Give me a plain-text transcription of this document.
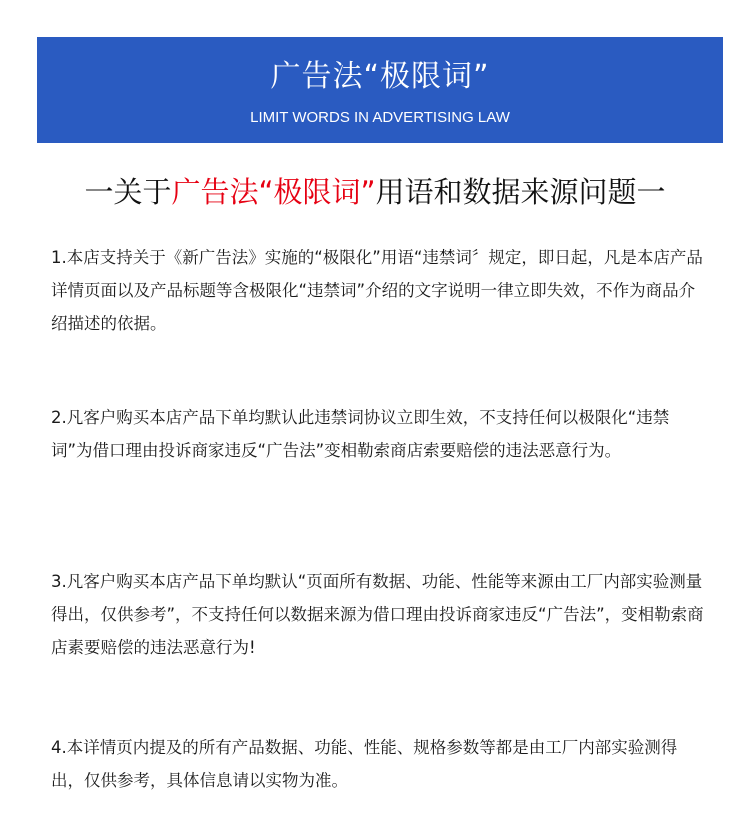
广告法“极限词”
LIMIT WORDS IN ADVERTISING LAW
一关于广告法“极限词”用语和数据来源问题一

1.本店支持关于《新广告法》实施的“极限化”用语“违禁词〞规定，即日起，凡是本店产品详情页面以及产品标题等含极限化“违禁词”介绍的文字说明一律立即失效，不作为商品介绍描述的依据。

2.凡客户购买本店产品下单均默认此违禁词协议立即生效，不支持任何以极限化“违禁词”为借口理由投诉商家违反“广告法”变相勒索商店索要赔偿的违法恶意行为。

3.凡客户购买本店产品下单均默认“页面所有数据、功能、性能等来源由工厂内部实验测量得出，仅供参考”，不支持任何以数据来源为借口理由投诉商家违反“广告法”，变相勒索商店素要赔偿的违法恶意行为!

4.本详情页内提及的所有产品数据、功能、性能、规格参数等都是由工厂内部实验测得出，仅供参考，具体信息请以实物为准。
